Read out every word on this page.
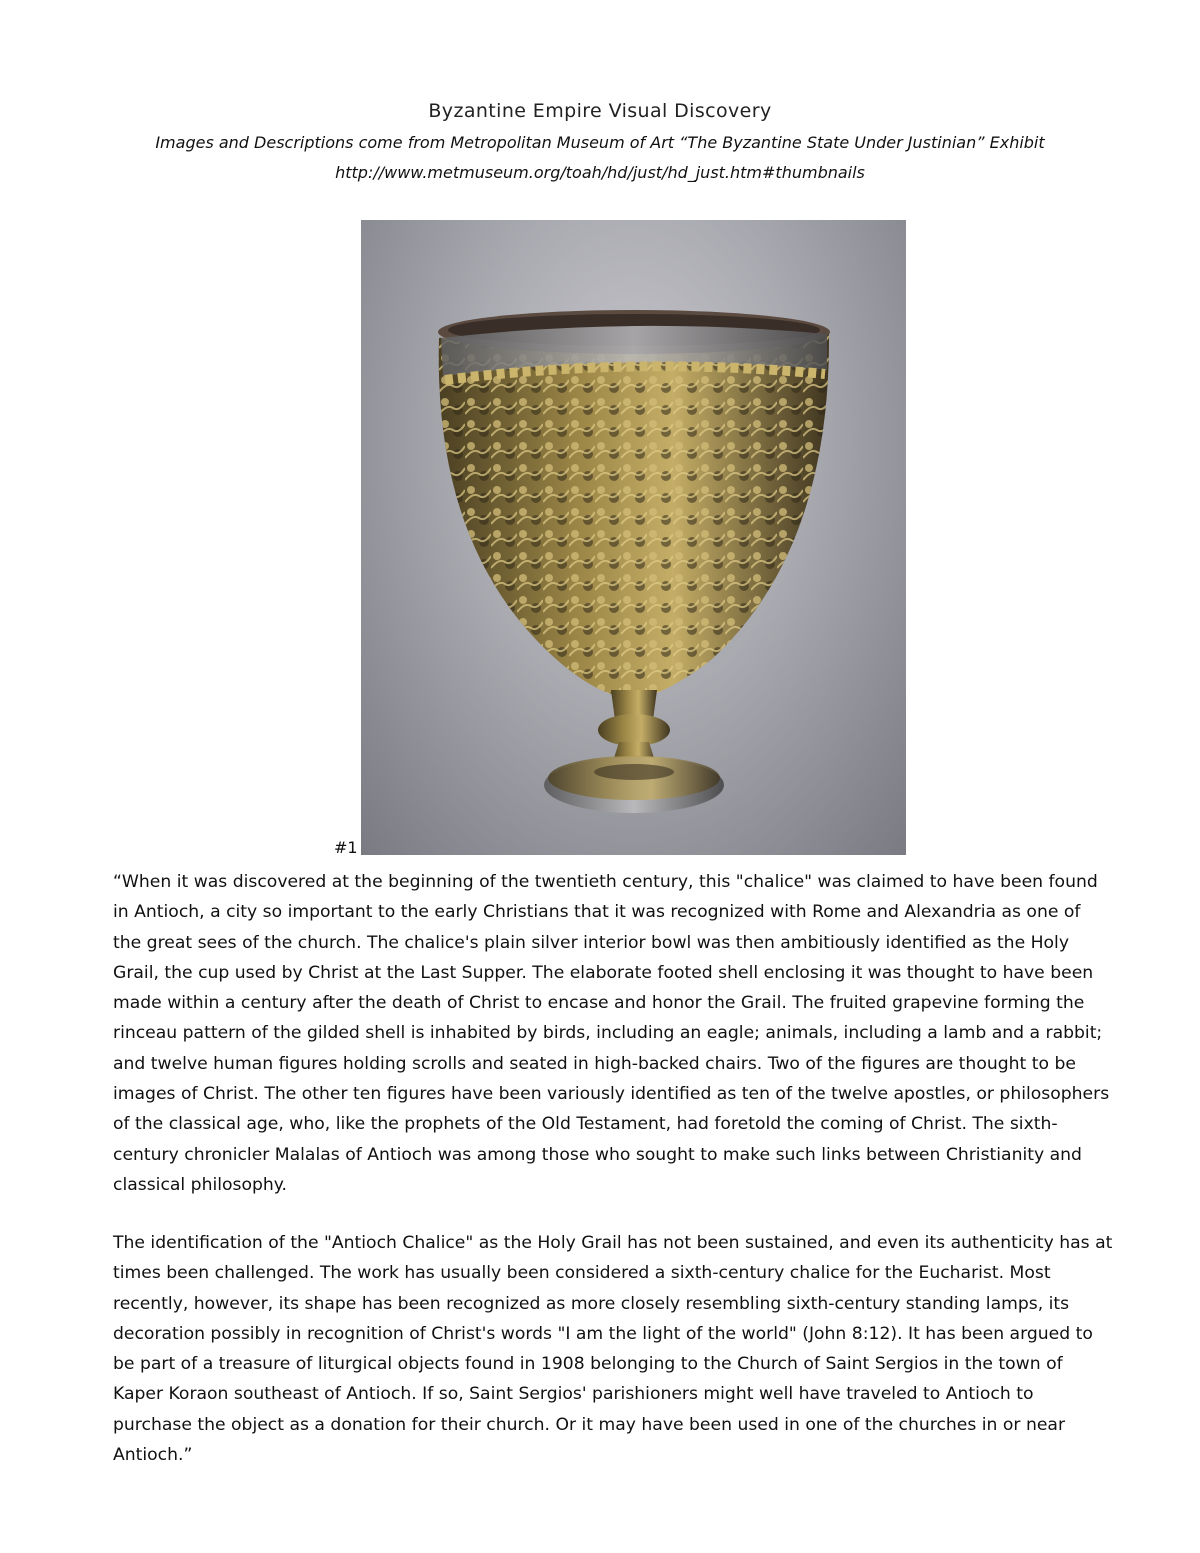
Byzantine Empire Visual Discovery
Images and Descriptions come from Metropolitan Museum of Art “The Byzantine State Under Justinian” Exhibit
http://www.metmuseum.org/toah/hd/just/hd_just.htm#thumbnails
#1

“When it was discovered at the beginning of the twentieth century, this "chalice" was claimed to have been found in Antioch, a city so important to the early Christians that it was recognized with Rome and Alexandria as one of the great sees of the church. The chalice's plain silver interior bowl was then ambitiously identified as the Holy Grail, the cup used by Christ at the Last Supper. The elaborate footed shell enclosing it was thought to have been made within a century after the death of Christ to encase and honor the Grail. The fruited grapevine forming the rinceau pattern of the gilded shell is inhabited by birds, including an eagle; animals, including a lamb and a rabbit; and twelve human figures holding scrolls and seated in high-backed chairs. Two of the figures are thought to be images of Christ. The other ten figures have been variously identified as ten of the twelve apostles, or philosophers of the classical age, who, like the prophets of the Old Testament, had foretold the coming of Christ. The sixth-century chronicler Malalas of Antioch was among those who sought to make such links between Christianity and classical philosophy.

The identification of the "Antioch Chalice" as the Holy Grail has not been sustained, and even its authenticity has at times been challenged. The work has usually been considered a sixth-century chalice for the Eucharist. Most recently, however, its shape has been recognized as more closely resembling sixth-century standing lamps, its decoration possibly in recognition of Christ's words "I am the light of the world" (John 8:12). It has been argued to be part of a treasure of liturgical objects found in 1908 belonging to the Church of Saint Sergios in the town of Kaper Koraon southeast of Antioch. If so, Saint Sergios' parishioners might well have traveled to Antioch to purchase the object as a donation for their church. Or it may have been used in one of the churches in or near Antioch.”
